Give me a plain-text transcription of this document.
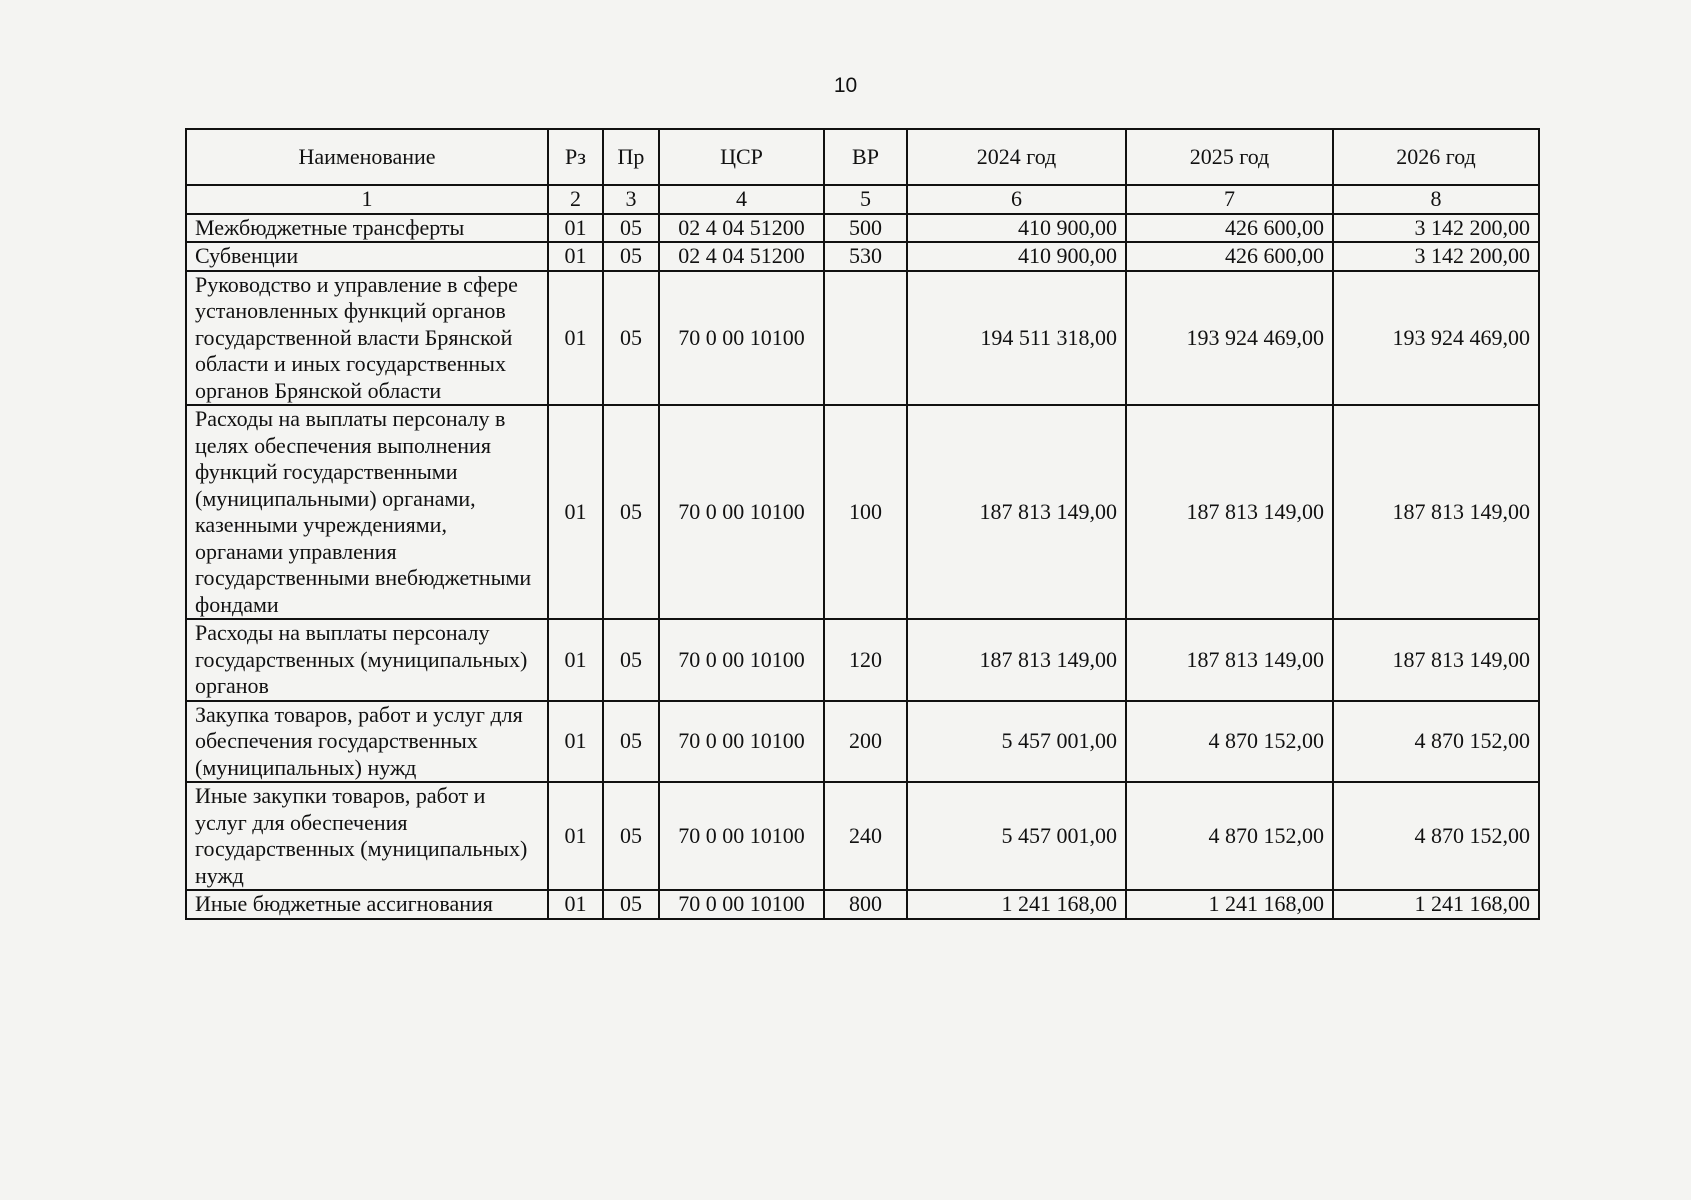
10
Наименование	Рз	Пр	ЦСР	ВР	2024 год	2025 год	2026 год
1	2	3	4	5	6	7	8
Межбюджетные трансферты	01	05	02 4 04 51200	500	410 900,00	426 600,00	3 142 200,00
Субвенции	01	05	02 4 04 51200	530	410 900,00	426 600,00	3 142 200,00
Руководство и управление в сфере установленных функций органов государственной власти Брянской области и иных государственных органов Брянской области	01	05	70 0 00 10100		194 511 318,00	193 924 469,00	193 924 469,00
Расходы на выплаты персоналу в целях обеспечения выполнения функций государственными (муниципальными) органами, казенными учреждениями, органами управления государственными внебюджетными фондами	01	05	70 0 00 10100	100	187 813 149,00	187 813 149,00	187 813 149,00
Расходы на выплаты персоналу государственных (муниципальных) органов	01	05	70 0 00 10100	120	187 813 149,00	187 813 149,00	187 813 149,00
Закупка товаров, работ и услуг для обеспечения государственных (муниципальных) нужд	01	05	70 0 00 10100	200	5 457 001,00	4 870 152,00	4 870 152,00
Иные закупки товаров, работ и услуг для обеспечения государственных (муниципальных) нужд	01	05	70 0 00 10100	240	5 457 001,00	4 870 152,00	4 870 152,00
Иные бюджетные ассигнования	01	05	70 0 00 10100	800	1 241 168,00	1 241 168,00	1 241 168,00
